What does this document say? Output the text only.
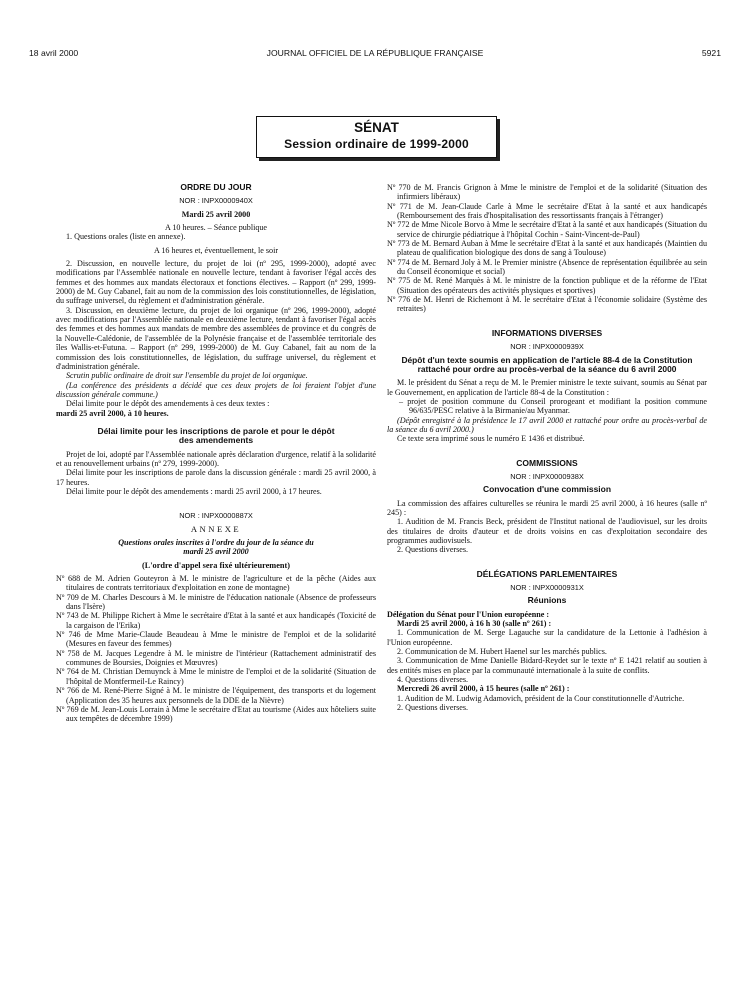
18 avril 2000	JOURNAL OFFICIEL DE LA RÉPUBLIQUE FRANÇAISE	5921
SÉNAT
Session ordinaire de 1999-2000
ORDRE DU JOUR
NOR : INPX0000940X
Mardi 25 avril 2000
A 10 heures. – Séance publique

1. Questions orales (liste en annexe).

A 16 heures et, éventuellement, le soir

2. Discussion, en nouvelle lecture, du projet de loi (nº 295, 1999-2000), adopté avec modifications par l'Assemblée nationale en nouvelle lecture, tendant à favoriser l'égal accès des femmes et des hommes aux mandats électoraux et fonctions électives. – Rapport (nº 299, 1999-2000) de M. Guy Cabanel, fait au nom de la commission des lois constitutionnelles, de législation, du suffrage universel, du règlement et d'administration générale.

3. Discussion, en deuxième lecture, du projet de loi organique (nº 296, 1999-2000), adopté avec modifications par l'Assemblée nationale en deuxième lecture, tendant à favoriser l'égal accès des femmes et des hommes aux mandats de membre des assemblées de province et du congrès de la Nouvelle-Calédonie, de l'assemblée de la Polynésie française et de l'assemblée territoriale des îles Wallis-et-Futuna. – Rapport (nº 299, 1999-2000) de M. Guy Cabanel, fait au nom de la commission des lois constitutionnelles, de législation, du suffrage universel, du règlement et d'administration générale.

Scrutin public ordinaire de droit sur l'ensemble du projet de loi organique.

(La conférence des présidents a décidé que ces deux projets de loi feraient l'objet d'une discussion générale commune.)

Délai limite pour le dépôt des amendements à ces deux textes :

mardi 25 avril 2000, à 10 heures.

Délai limite pour les inscriptions de parole et pour le dépôt des amendements

Projet de loi, adopté par l'Assemblée nationale après déclaration d'urgence, relatif à la solidarité et au renouvellement urbains (nº 279, 1999-2000).

Délai limite pour les inscriptions de parole dans la discussion générale : mardi 25 avril 2000, à 17 heures.

Délai limite pour le dépôt des amendements : mardi 25 avril 2000, à 17 heures.

NOR : INPX0000887X
ANNEXE
Questions orales inscrites à l'ordre du jour de la séance du mardi 25 avril 2000
(L'ordre d'appel sera fixé ultérieurement)

Nº 688 de M. Adrien Gouteyron à M. le ministre de l'agriculture et de la pêche (Aides aux titulaires de contrats territoriaux d'exploitation en zone de montagne)

Nº 709 de M. Charles Descours à M. le ministre de l'éducation nationale (Absence de professeurs dans l'Isère)

Nº 743 de M. Philippe Richert à Mme le secrétaire d'Etat à la santé et aux handicapés (Toxicité de la cargaison de l'Erika)

Nº 746 de Mme Marie-Claude Beaudeau à Mme le ministre de l'emploi et de la solidarité (Mesures en faveur des femmes)

Nº 758 de M. Jacques Legendre à M. le ministre de l'intérieur (Rattachement administratif des communes de Boursies, Doignies et Mœuvres)

Nº 764 de M. Christian Demuynck à Mme le ministre de l'emploi et de la solidarité (Situation de l'hôpital de Montfermeil-Le Raincy)

Nº 766 de M. René-Pierre Signé à M. le ministre de l'équipement, des transports et du logement (Application des 35 heures aux personnels de la DDE de la Nièvre)

Nº 769 de M. Jean-Louis Lorrain à Mme le secrétaire d'Etat au tourisme (Aides aux hôteliers suite aux tempêtes de décembre 1999)

Nº 770 de M. Francis Grignon à Mme le ministre de l'emploi et de la solidarité (Situation des infirmiers libéraux)

Nº 771 de M. Jean-Claude Carle à Mme le secrétaire d'Etat à la santé et aux handicapés (Remboursement des frais d'hospitalisation des ressortissants français à l'étranger)

Nº 772 de Mme Nicole Borvo à Mme le secrétaire d'Etat à la santé et aux handicapés (Situation du service de chirurgie pédiatrique à l'hôpital Cochin - Saint-Vincent-de-Paul)

Nº 773 de M. Bernard Auban à Mme le secrétaire d'Etat à la santé et aux handicapés (Maintien du plateau de qualification biologique des dons de sang à Toulouse)

Nº 774 de M. Bernard Joly à M. le Premier ministre (Absence de représentation équilibrée au sein du Conseil économique et social)

Nº 775 de M. René Marquès à M. le ministre de la fonction publique et de la réforme de l'Etat (Situation des opérateurs des activités physiques et sportives)

Nº 776 de M. Henri de Richemont à M. le secrétaire d'Etat à l'économie solidaire (Système des retraites)

INFORMATIONS DIVERSES
NOR : INPX0000939X
Dépôt d'un texte soumis en application de l'article 88-4 de la Constitution rattaché pour ordre au procès-verbal de la séance du 6 avril 2000

M. le président du Sénat a reçu de M. le Premier ministre le texte suivant, soumis au Sénat par le Gouvernement, en application de l'article 88-4 de la Constitution :

– projet de position commune du Conseil prorogeant et modifiant la position commune 96/635/PESC relative à la Birmanie/au Myanmar.

(Dépôt enregistré à la présidence le 17 avril 2000 et rattaché pour ordre au procès-verbal de la séance du 6 avril 2000.)

Ce texte sera imprimé sous le numéro E 1436 et distribué.

COMMISSIONS
NOR : INPX0000938X
Convocation d'une commission

La commission des affaires culturelles se réunira le mardi 25 avril 2000, à 16 heures (salle nº 245) :

1. Audition de M. Francis Beck, président de l'Institut national de l'audiovisuel, sur les droits des titulaires de droits d'auteur et de droits voisins en cas d'exploitation secondaire des programmes audiovisuels.

2. Questions diverses.

DÉLÉGATIONS PARLEMENTAIRES
NOR : INPX0000931X
Réunions

Délégation du Sénat pour l'Union européenne :

Mardi 25 avril 2000, à 16 h 30 (salle nº 261) :

1. Communication de M. Serge Lagauche sur la candidature de la Lettonie à l'adhésion à l'Union européenne.

2. Communication de M. Hubert Haenel sur les marchés publics.

3. Communication de Mme Danielle Bidard-Reydet sur le texte nº E 1421 relatif au soutien à des entités mises en place par la communauté internationale à la suite de conflits.

4. Questions diverses.

Mercredi 26 avril 2000, à 15 heures (salle nº 261) :

1. Audition de M. Ludwig Adamovich, président de la Cour constitutionnelle d'Autriche.

2. Questions diverses.
